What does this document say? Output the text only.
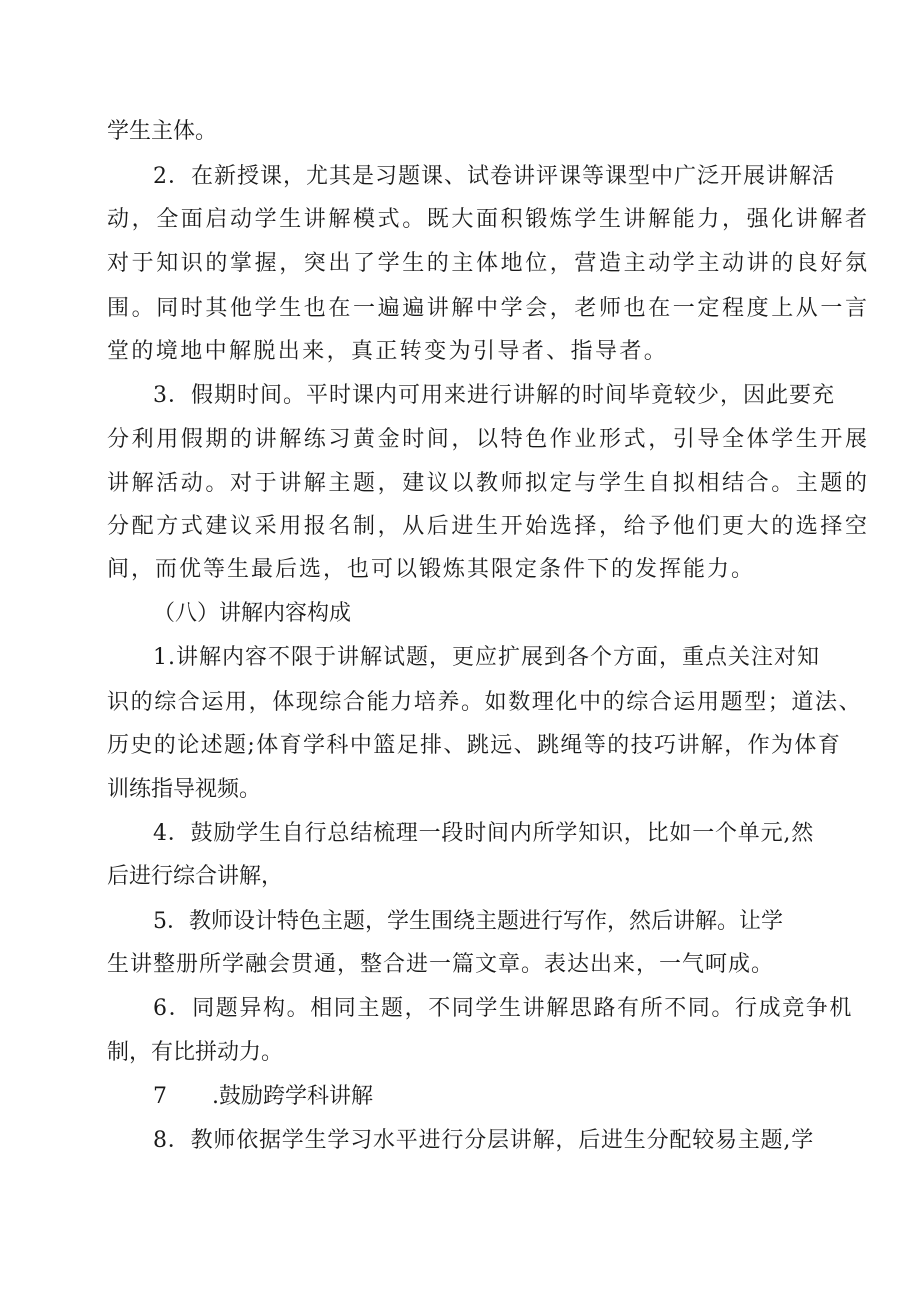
学生主体。
2．在新授课，尤其是习题课、试卷讲评课等课型中广泛开展讲解活
动，全面启动学生讲解模式。既大面积锻炼学生讲解能力，强化讲解者
对于知识的掌握，突出了学生的主体地位，营造主动学主动讲的良好氛
围。同时其他学生也在一遍遍讲解中学会，老师也在一定程度上从一言
堂的境地中解脱出来，真正转变为引导者、指导者。
3．假期时间。平时课内可用来进行讲解的时间毕竟较少，因此要充
分利用假期的讲解练习黄金时间，以特色作业形式，引导全体学生开展
讲解活动。对于讲解主题，建议以教师拟定与学生自拟相结合。主题的
分配方式建议采用报名制，从后进生开始选择，给予他们更大的选择空
间，而优等生最后选，也可以锻炼其限定条件下的发挥能力。
（八）讲解内容构成
1.讲解内容不限于讲解试题，更应扩展到各个方面，重点关注对知
识的综合运用，体现综合能力培养。如数理化中的综合运用题型；道法、
历史的论述题;体育学科中篮足排、跳远、跳绳等的技巧讲解，作为体育
训练指导视频。
4．鼓励学生自行总结梳理一段时间内所学知识，比如一个单元,然
后进行综合讲解，
5．教师设计特色主题，学生围绕主题进行写作，然后讲解。让学
生讲整册所学融会贯通，整合进一篇文章。表达出来，一气呵成。
6．同题异构。相同主题，不同学生讲解思路有所不同。行成竞争机
制，有比拼动力。
7 .鼓励跨学科讲解
8．教师依据学生学习水平进行分层讲解，后进生分配较易主题,学
